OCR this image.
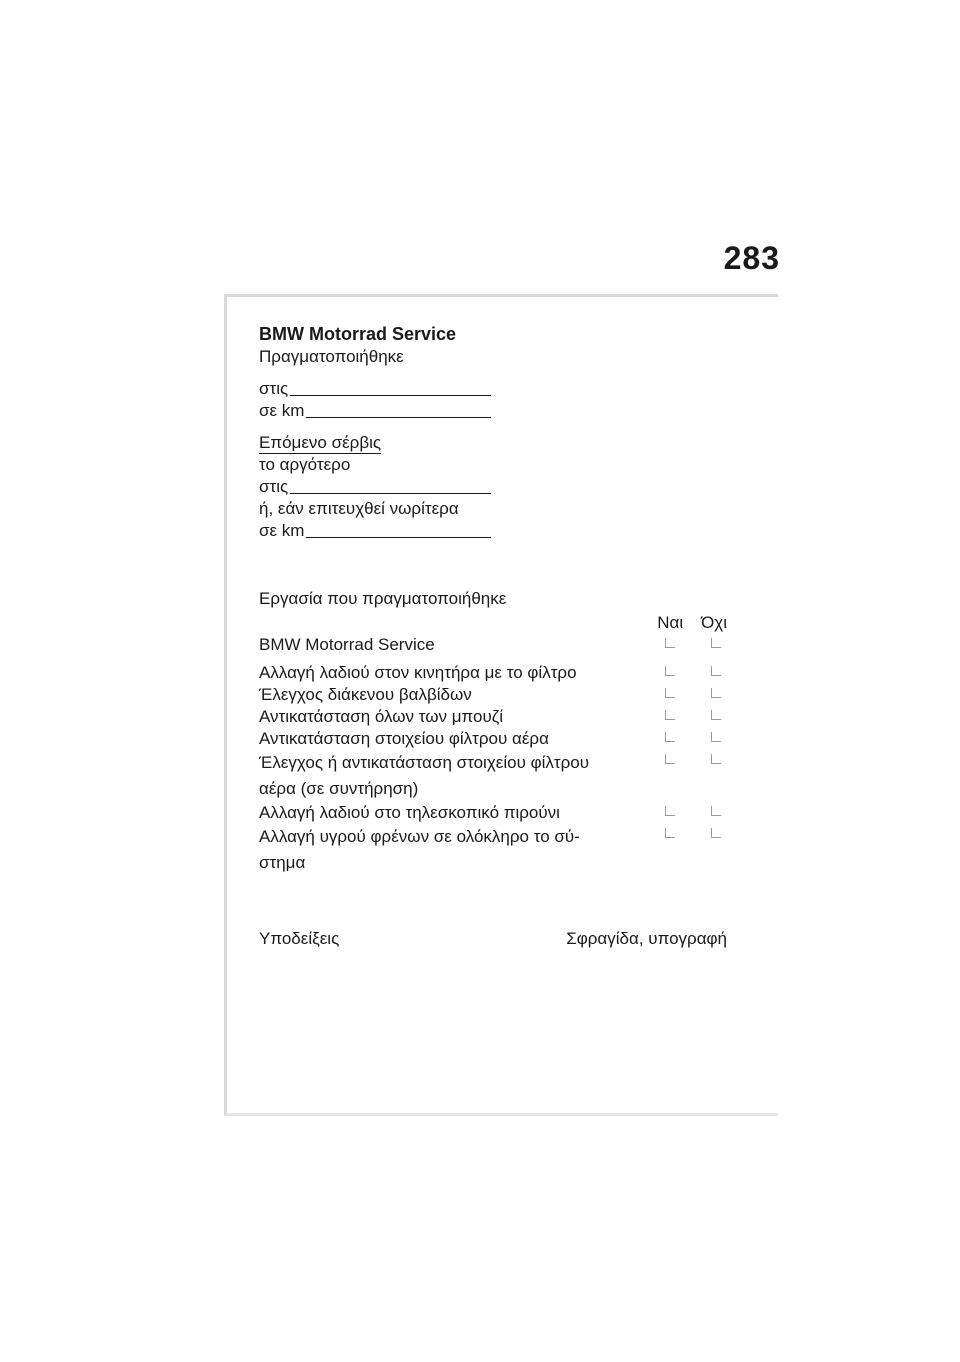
283
BMW Motorrad Service
Πραγματοποιήθηκε
στις
σε km
Επόμενο σέρβις
το αργότερο
στις
ή, εάν επιτευχθεί νωρίτερα
σε km
Εργασία που πραγματοποιήθηκε
Ναι Όχι
BMW Motorrad Service
Αλλαγή λαδιού στον κινητήρα με το φίλτρο
Έλεγχος διάκενου βαλβίδων
Αντικατάσταση όλων των μπουζί
Αντικατάσταση στοιχείου φίλτρου αέρα
Έλεγχος ή αντικατάσταση στοιχείου φίλτρου αέρα (σε συντήρηση)
Αλλαγή λαδιού στο τηλεσκοπικό πιρούνι
Αλλαγή υγρού φρένων σε ολόκληρο το σύ- στημα
Υποδείξεις	Σφραγίδα, υπογραφή
